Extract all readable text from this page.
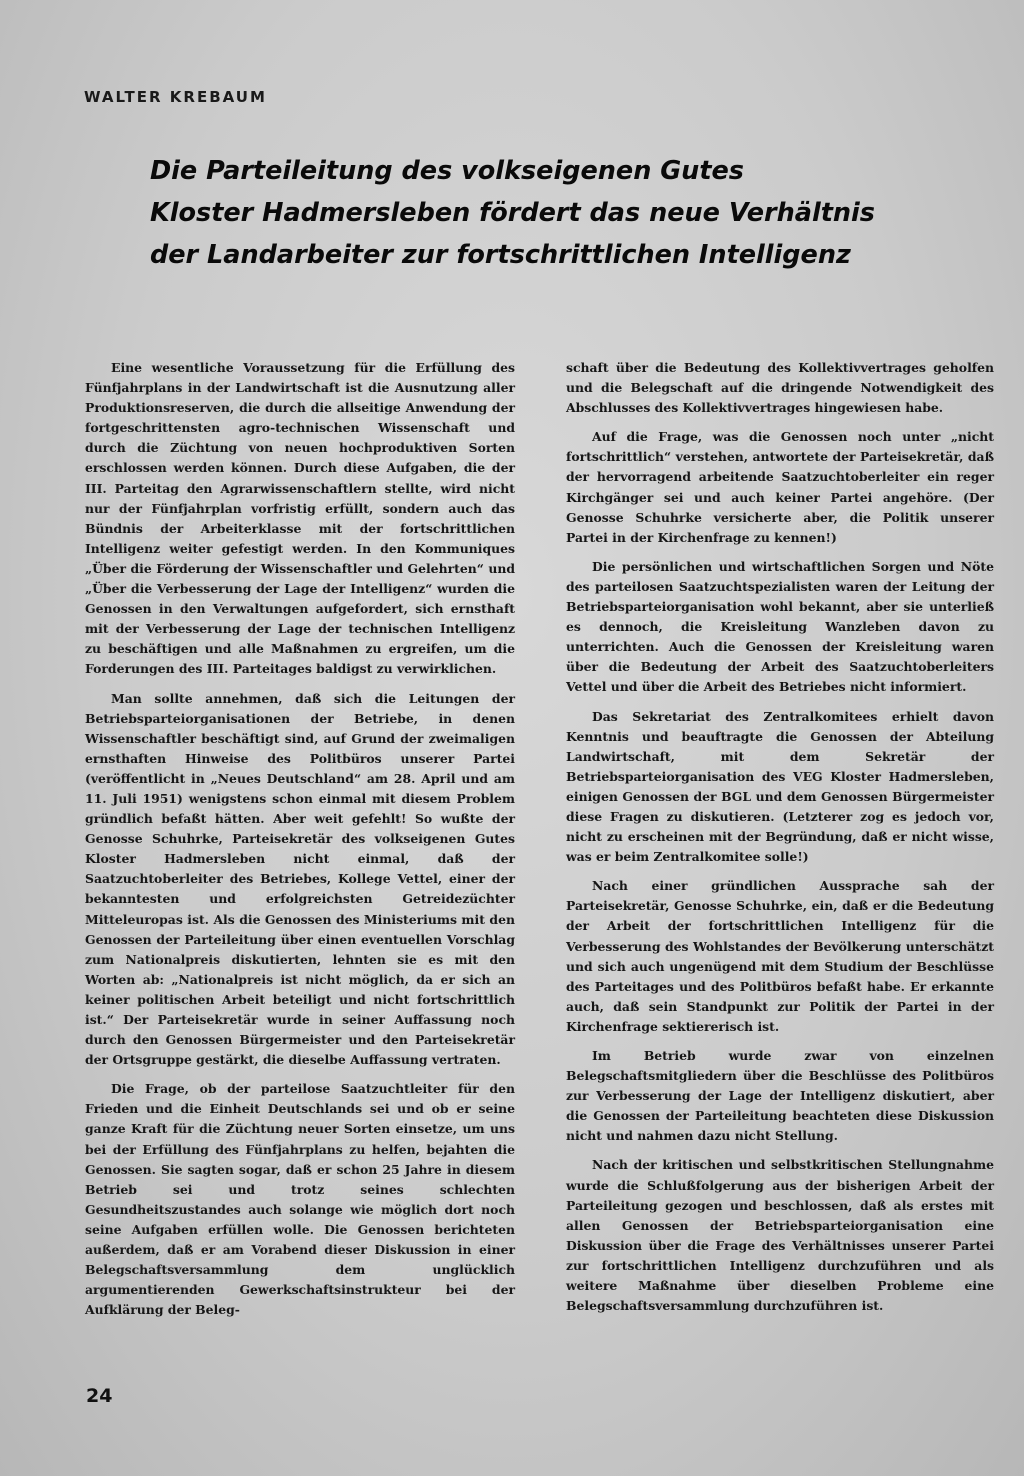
WALTER KREBAUM
Die Parteileitung des volkseigenen Gutes
Kloster Hadmersleben fördert das neue Verhältnis
der Landarbeiter zur fortschrittlichen Intelligenz

Eine wesentliche Voraussetzung für die Erfüllung des Fünfjahrplans in der Landwirtschaft ist die Ausnutzung aller Produktionsreserven, die durch die allseitige Anwendung der fortgeschrittensten agro-technischen Wissenschaft und durch die Züchtung von neuen hochproduktiven Sorten erschlossen werden können. Durch diese Aufgaben, die der III. Parteitag den Agrarwissenschaftlern stellte, wird nicht nur der Fünfjahrplan vorfristig erfüllt, sondern auch das Bündnis der Arbeiterklasse mit der fortschrittlichen Intelligenz weiter gefestigt werden. In den Kommuniques „Über die Förderung der Wissenschaftler und Gelehrten“ und „Über die Verbesserung der Lage der Intelligenz“ wurden die Genossen in den Verwaltungen aufgefordert, sich ernsthaft mit der Verbesserung der Lage der technischen Intelligenz zu beschäftigen und alle Maßnahmen zu ergreifen, um die Forderungen des III. Parteitages baldigst zu verwirklichen.

Man sollte annehmen, daß sich die Leitungen der Betriebsparteiorganisationen der Betriebe, in denen Wissenschaftler beschäftigt sind, auf Grund der zweimaligen ernsthaften Hinweise des Politbüros unserer Partei (veröffentlicht in „Neues Deutschland“ am 28. April und am 11. Juli 1951) wenigstens schon einmal mit diesem Problem gründlich befaßt hätten. Aber weit gefehlt! So wußte der Genosse Schuhrke, Parteisekretär des volkseigenen Gutes Kloster Hadmersleben nicht einmal, daß der Saatzuchtoberleiter des Betriebes, Kollege Vettel, einer der bekanntesten und erfolgreichsten Getreidezüchter Mitteleuropas ist. Als die Genossen des Ministeriums mit den Genossen der Parteileitung über einen eventuellen Vorschlag zum Nationalpreis diskutierten, lehnten sie es mit den Worten ab: „Nationalpreis ist nicht möglich, da er sich an keiner politischen Arbeit beteiligt und nicht fortschrittlich ist.“ Der Parteisekretär wurde in seiner Auffassung noch durch den Genossen Bürgermeister und den Parteisekretär der Ortsgruppe gestärkt, die dieselbe Auffassung vertraten.

Die Frage, ob der parteilose Saatzuchtleiter für den Frieden und die Einheit Deutschlands sei und ob er seine ganze Kraft für die Züchtung neuer Sorten einsetze, um uns bei der Erfüllung des Fünfjahrplans zu helfen, bejahten die Genossen. Sie sagten sogar, daß er schon 25 Jahre in diesem Betrieb sei und trotz seines schlechten Gesundheitszustandes auch solange wie möglich dort noch seine Aufgaben erfüllen wolle. Die Genossen berichteten außerdem, daß er am Vorabend dieser Diskussion in einer Belegschaftsversammlung dem unglücklich argumentierenden Gewerkschaftsinstrukteur bei der Aufklärung der Beleg-

schaft über die Bedeutung des Kollektivvertrages geholfen und die Belegschaft auf die dringende Notwendigkeit des Abschlusses des Kollektivvertrages hingewiesen habe.

Auf die Frage, was die Genossen noch unter „nicht fortschrittlich“ verstehen, antwortete der Parteisekretär, daß der hervorragend arbeitende Saatzuchtoberleiter ein reger Kirchgänger sei und auch keiner Partei angehöre. (Der Genosse Schuhrke versicherte aber, die Politik unserer Partei in der Kirchenfrage zu kennen!)

Die persönlichen und wirtschaftlichen Sorgen und Nöte des parteilosen Saatzuchtspezialisten waren der Leitung der Betriebsparteiorganisation wohl bekannt, aber sie unterließ es dennoch, die Kreisleitung Wanzleben davon zu unterrichten. Auch die Genossen der Kreisleitung waren über die Bedeutung der Arbeit des Saatzuchtoberleiters Vettel und über die Arbeit des Betriebes nicht informiert.

Das Sekretariat des Zentralkomitees erhielt davon Kenntnis und beauftragte die Genossen der Abteilung Landwirtschaft, mit dem Sekretär der Betriebsparteiorganisation des VEG Kloster Hadmersleben, einigen Genossen der BGL und dem Genossen Bürgermeister diese Fragen zu diskutieren. (Letzterer zog es jedoch vor, nicht zu erscheinen mit der Begründung, daß er nicht wisse, was er beim Zentralkomitee solle!)

Nach einer gründlichen Aussprache sah der Parteisekretär, Genosse Schuhrke, ein, daß er die Bedeutung der Arbeit der fortschrittlichen Intelligenz für die Verbesserung des Wohlstandes der Bevölkerung unterschätzt und sich auch ungenügend mit dem Studium der Beschlüsse des Parteitages und des Politbüros befaßt habe. Er erkannte auch, daß sein Standpunkt zur Politik der Partei in der Kirchenfrage sektiererisch ist.

Im Betrieb wurde zwar von einzelnen Belegschaftsmitgliedern über die Beschlüsse des Politbüros zur Verbesserung der Lage der Intelligenz diskutiert, aber die Genossen der Parteileitung beachteten diese Diskussion nicht und nahmen dazu nicht Stellung.

Nach der kritischen und selbstkritischen Stellungnahme wurde die Schlußfolgerung aus der bisherigen Arbeit der Parteileitung gezogen und beschlossen, daß als erstes mit allen Genossen der Betriebsparteiorganisation eine Diskussion über die Frage des Verhältnisses unserer Partei zur fortschrittlichen Intelligenz durchzuführen und als weitere Maßnahme über dieselben Probleme eine Belegschaftsversammlung durchzuführen ist.

24
